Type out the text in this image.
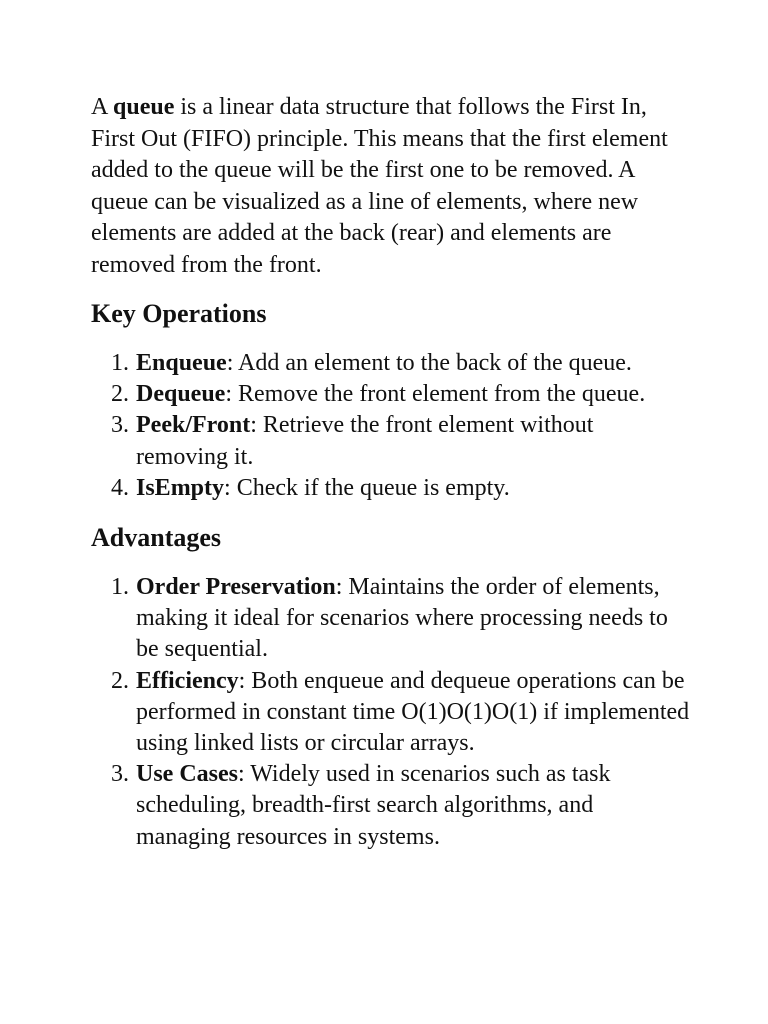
A queue is a linear data structure that follows the First In, First Out (FIFO) principle. This means that the first element added to the queue will be the first one to be removed. A queue can be visualized as a line of elements, where new elements are added at the back (rear) and elements are removed from the front.

Key Operations
1. Enqueue: Add an element to the back of the queue.
2. Dequeue: Remove the front element from the queue.
3. Peek/Front: Retrieve the front element without removing it.
4. IsEmpty: Check if the queue is empty.
Advantages
1. Order Preservation: Maintains the order of elements, making it ideal for scenarios where processing needs to be sequential.
2. Efficiency: Both enqueue and dequeue operations can be performed in constant time O(1)O(1)O(1) if implemented using linked lists or circular arrays.
3. Use Cases: Widely used in scenarios such as task scheduling, breadth-first search algorithms, and managing resources in systems.
